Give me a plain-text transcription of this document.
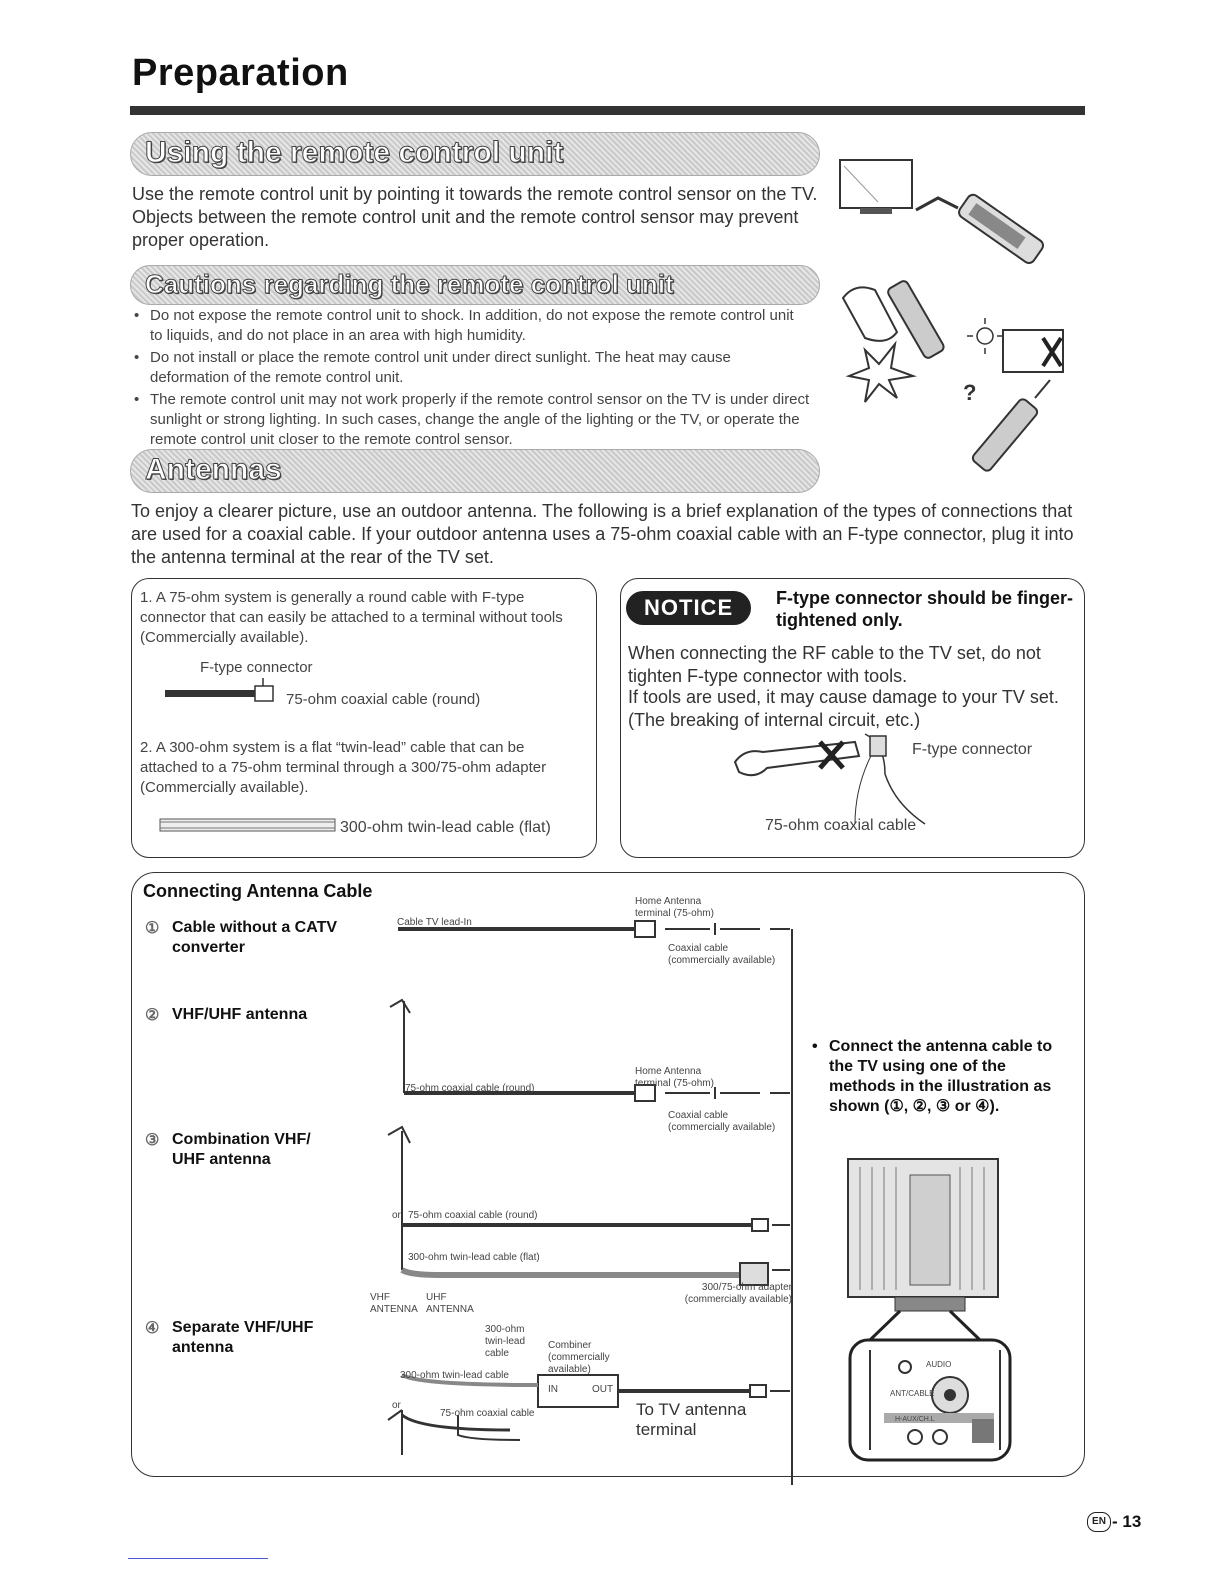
Preparation
Using the remote control unit
Use the remote control unit by pointing it towards the remote control sensor on the TV. Objects between the remote control unit and the remote control sensor may prevent proper operation.
Cautions regarding the remote control unit
• Do not expose the remote control unit to shock. In addition, do not expose the remote control unit to liquids, and do not place in an area with high humidity.
• Do not install or place the remote control unit under direct sunlight. The heat may cause deformation of the remote control unit.
• The remote control unit may not work properly if the remote control sensor on the TV is under direct sunlight or strong lighting. In such cases, change the angle of the lighting or the TV, or operate the remote control unit closer to the remote control sensor.
?
Antennas
To enjoy a clearer picture, use an outdoor antenna. The following is a brief explanation of the types of connections that are used for a coaxial cable. If your outdoor antenna uses a 75-ohm coaxial cable with an F-type connector, plug it into the antenna terminal at the rear of the TV set.
1. A 75-ohm system is generally a round cable with F-type connector that can easily be attached to a terminal without tools (Commercially available).
F-type connector
75-ohm coaxial cable (round)
2. A 300-ohm system is a flat “twin-lead” cable that can be attached to a 75-ohm terminal through a 300/75-ohm adapter (Commercially available).
300-ohm twin-lead cable (flat)
NOTICE	F-type connector should be finger-tightened only.
When connecting the RF cable to the TV set, do not tighten F-type connector with tools.
If tools are used, it may cause damage to your TV set. (The breaking of internal circuit, etc.)
F-type connector
75-ohm coaxial cable
Connecting Antenna Cable
① Cable without a CATV converter
② VHF/UHF antenna
③ Combination VHF/ UHF antenna
④ Separate VHF/UHF antenna
• Connect the antenna cable to the TV using one of the methods in the illustration as shown (①, ②, ③ or ④).
Cable TV lead-In
Home Antenna terminal (75-ohm)
Coaxial cable (commercially available)
75-ohm coaxial cable (round)
Home Antenna terminal (75-ohm)
Coaxial cable (commercially available)
75-ohm coaxial cable (round)
or
300-ohm twin-lead cable (flat)
300/75-ohm adapter (commercially available)
VHF ANTENNA
UHF ANTENNA
300-ohm twin-lead cable
Combiner (commercially available)
300-ohm twin-lead cable
IN	OUT
or
75-ohm coaxial cable	To TV antenna terminal
AUDIO
ANT/CABLE
H-AUX/CH.L
EN - 13
